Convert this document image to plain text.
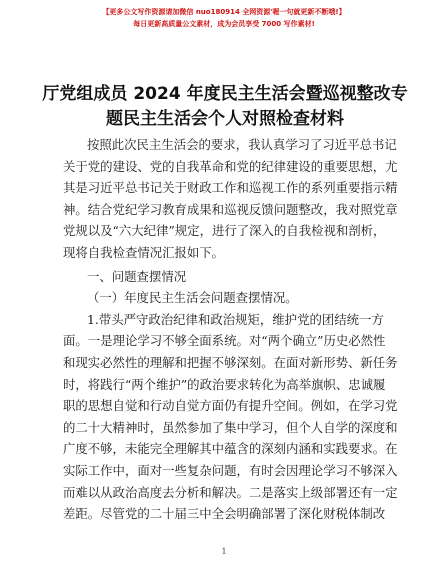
【更多公文写作资源请加微信 nuo180914 全网资源'喔一句就更新不断哦!】
每日更新高质量公文素材，成为会员享受 7000 写作素材!
厅党组成员 2024 年度民主生活会暨巡视整改专
题民主生活会个人对照检查材料
按照此次民主生活会的要求，我认真学习了习近平总书记
关于党的建设、党的自我革命和党的纪律建设的重要思想，尤
其是习近平总书记关于财政工作和巡视工作的系列重要指示精
神。结合党纪学习教育成果和巡视反馈问题整改，我对照党章
党规以及“六大纪律”规定，进行了深入的自我检视和剖析，
现将自我检查情况汇报如下。
一、问题查摆情况
（一）年度民主生活会问题查摆情况。
1.带头严守政治纪律和政治规矩，维护党的团结统一方
面。一是理论学习不够全面系统。对“两个确立”历史必然性
和现实必然性的理解和把握不够深刻。在面对新形势、新任务
时，将践行“两个维护”的政治要求转化为高举旗帜、忠诚履
职的思想自觉和行动自觉方面仍有提升空间。例如，在学习党
的二十大精神时，虽然参加了集中学习，但个人自学的深度和
广度不够，未能完全理解其中蕴含的深刻内涵和实践要求。在
实际工作中，面对一些复杂问题，有时会因理论学习不够深入
而难以从政治高度去分析和解决。二是落实上级部署还有一定
差距。尽管党的二十届三中全会明确部署了深化财税体制改
1
